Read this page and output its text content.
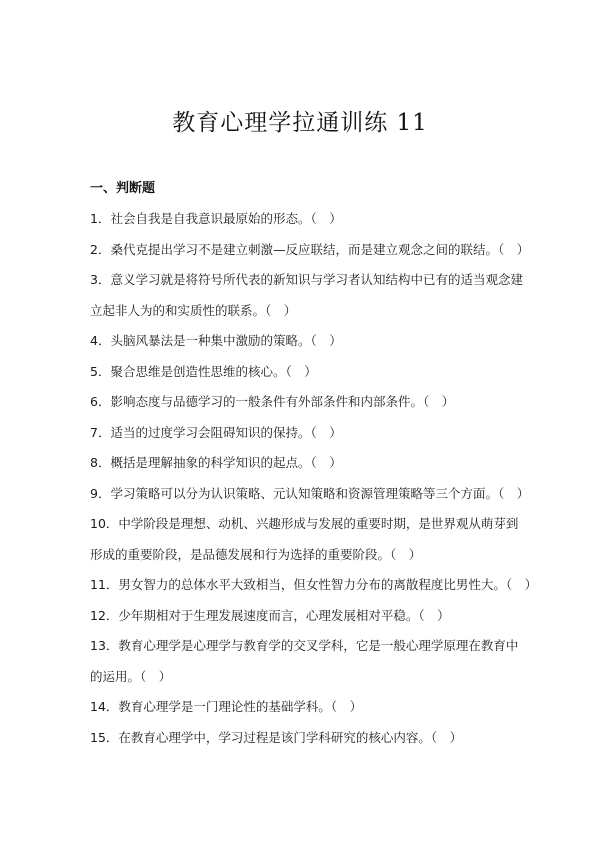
教育心理学拉通训练 11
一、判断题
1．社会自我是自我意识最原始的形态。（　）
2．桑代克提出学习不是建立刺激—反应联结，而是建立观念之间的联结。（　）
3．意义学习就是将符号所代表的新知识与学习者认知结构中已有的适当观念建
立起非人为的和实质性的联系。（　）
4．头脑风暴法是一种集中激励的策略。（　）
5．聚合思维是创造性思维的核心。（　）
6．影响态度与品德学习的一般条件有外部条件和内部条件。（　）
7．适当的过度学习会阻碍知识的保持。（　）
8．概括是理解抽象的科学知识的起点。（　）
9．学习策略可以分为认识策略、元认知策略和资源管理策略等三个方面。（　）
10．中学阶段是理想、动机、兴趣形成与发展的重要时期，是世界观从萌芽到
形成的重要阶段，是品德发展和行为选择的重要阶段。（　）
11．男女智力的总体水平大致相当，但女性智力分布的离散程度比男性大。（　）
12．少年期相对于生理发展速度而言，心理发展相对平稳。（　）
13．教育心理学是心理学与教育学的交叉学科，它是一般心理学原理在教育中
的运用。（　）
14．教育心理学是一门理论性的基础学科。（　）
15．在教育心理学中，学习过程是该门学科研究的核心内容。（　）
